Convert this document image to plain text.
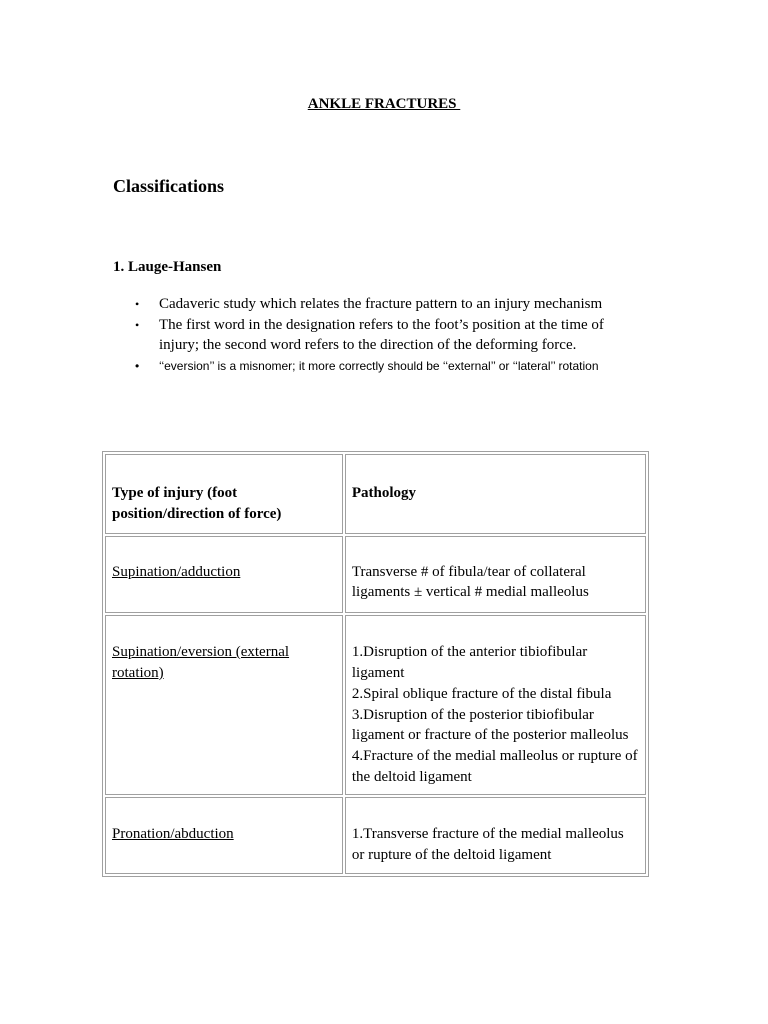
ANKLE FRACTURES
Classifications
1. Lauge-Hansen
• Cadaveric study which relates the fracture pattern to an injury mechanism
• The first word in the designation refers to the foot’s position at the time of injury; the second word refers to the direction of the deforming force.
• ‘‘eversion’’ is a misnomer; it more correctly should be ‘‘external’’ or ‘‘lateral’’ rotation
Type of injury (foot position/direction of force)	Pathology

Supination/adduction	Transverse # of fibula/tear of collateral ligaments ± vertical # medial malleolus

Supination/eversion (external rotation)	1.Disruption of the anterior tibiofibular ligament
2.Spiral oblique fracture of the distal fibula
3.Disruption of the posterior tibiofibular ligament or fracture of the posterior malleolus
4.Fracture of the medial malleolus or rupture of the deltoid ligament

Pronation/abduction	1.Transverse fracture of the medial malleolus or rupture of the deltoid ligament
